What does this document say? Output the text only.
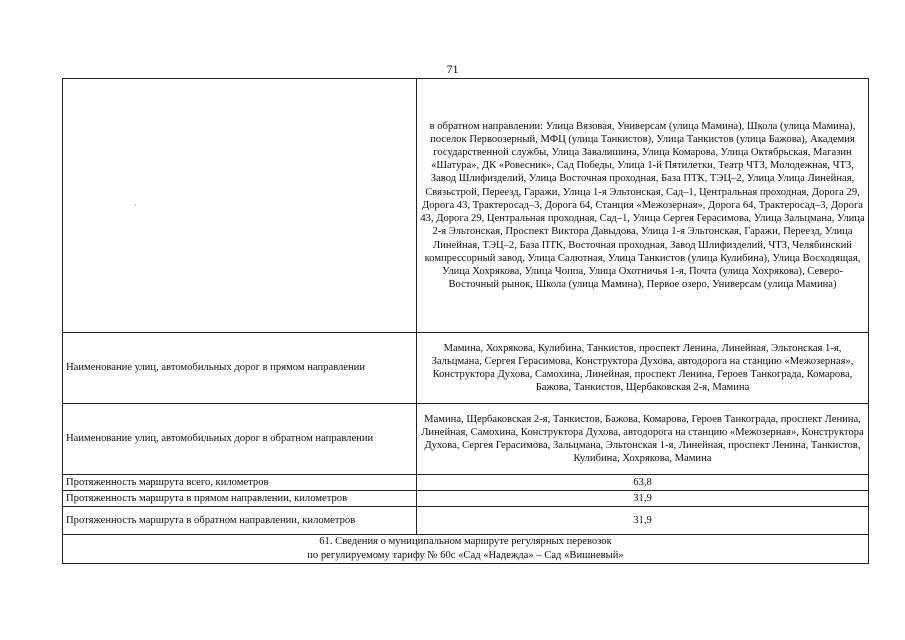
71
·	в обратном направлении: Улица Вязовая, Универсам (улица Мамина), Школа (улица Мамина), поселок Первоозерный, МФЦ (улица Танкистов), Улица Танкистов (улица Бажова), Академия государственной службы, Улица Завалишина, Улица Комарова, Улица Октябрьская, Магазин «Шатура», ДК «Ровесник», Сад Победы, Улица 1-й Пятилетки, Театр ЧТЗ, Молодежная, ЧТЗ, Завод Шлифизделий, Улица Восточная проходная, База ПТК, ТЭЦ–2, Улица Улица Линейная, Связьстрой, Переезд, Гаражи, Улица 1-я Эльтонская, Сад–1, Центральная проходная, Дорога 29, Дорога 43, Трактеросад–3, Дорога 64, Станция «Межозерная», Дорога 64, Трактеросад–3, Дорога 43, Дорога 29, Центральная проходная, Сад–1, Улица Сергея Герасимова, Улица Зальцмана, Улица 2-я Эльтонская, Проспект Виктора Давыдова, Улица 1-я Эльтонская, Гаражи, Переезд, Улица Линейная, ТЭЦ–2, База ПТК, Восточная проходная, Завод Шлифизделий, ЧТЗ, Челябинский компрессорный завод, Улица Салютная, Улица Танкистов (улица Кулибина), Улица Восходящая, Улица Хохрякова, Улица Чоппа, Улица Охотничья 1-я, Почта (улица Хохрякова), Северо-Восточный рынок, Школа (улица Мамина), Первое озеро, Универсам (улица Мамина)
Наименование улиц, автомобильных дорог в прямом направлении	Мамина, Хохрякова, Кулибина, Танкистов, проспект Ленина, Линейная, Эльтонская 1-я, Зальцмана, Сергея Герасимова, Конструктора Духова, автодорога на станцию «Межозерная», Конструктора Духова, Самохина, Линейная, проспект Ленина, Героев Танкограда, Комарова, Бажова, Танкистов, Щербаковская 2-я, Мамина
Наименование улиц, автомобильных дорог в обратном направлении	Мамина, Щербаковская 2-я, Танкистов, Бажова, Комарова, Героев Танкограда, проспект Ленина, Линейная, Самохина, Конструктора Духова, автодорога на станцию «Межозерная», Конструктора Духова, Сергея Герасимова, Зальцмана, Эльтонская 1-я, Линейная, проспект Ленина, Танкистов, Кулибина, Хохрякова, Мамина
Протяженность маршрута всего, километров	63,8
Протяженность маршрута в прямом направлении, километров	31,9
Протяженность маршрута в обратном направлении, километров	31,9

61. Сведения о муниципальном маршруте регулярных перевозок
по регулируемому тарифу № 60с «Сад «Надежда» – Сад «Вишневый»	
